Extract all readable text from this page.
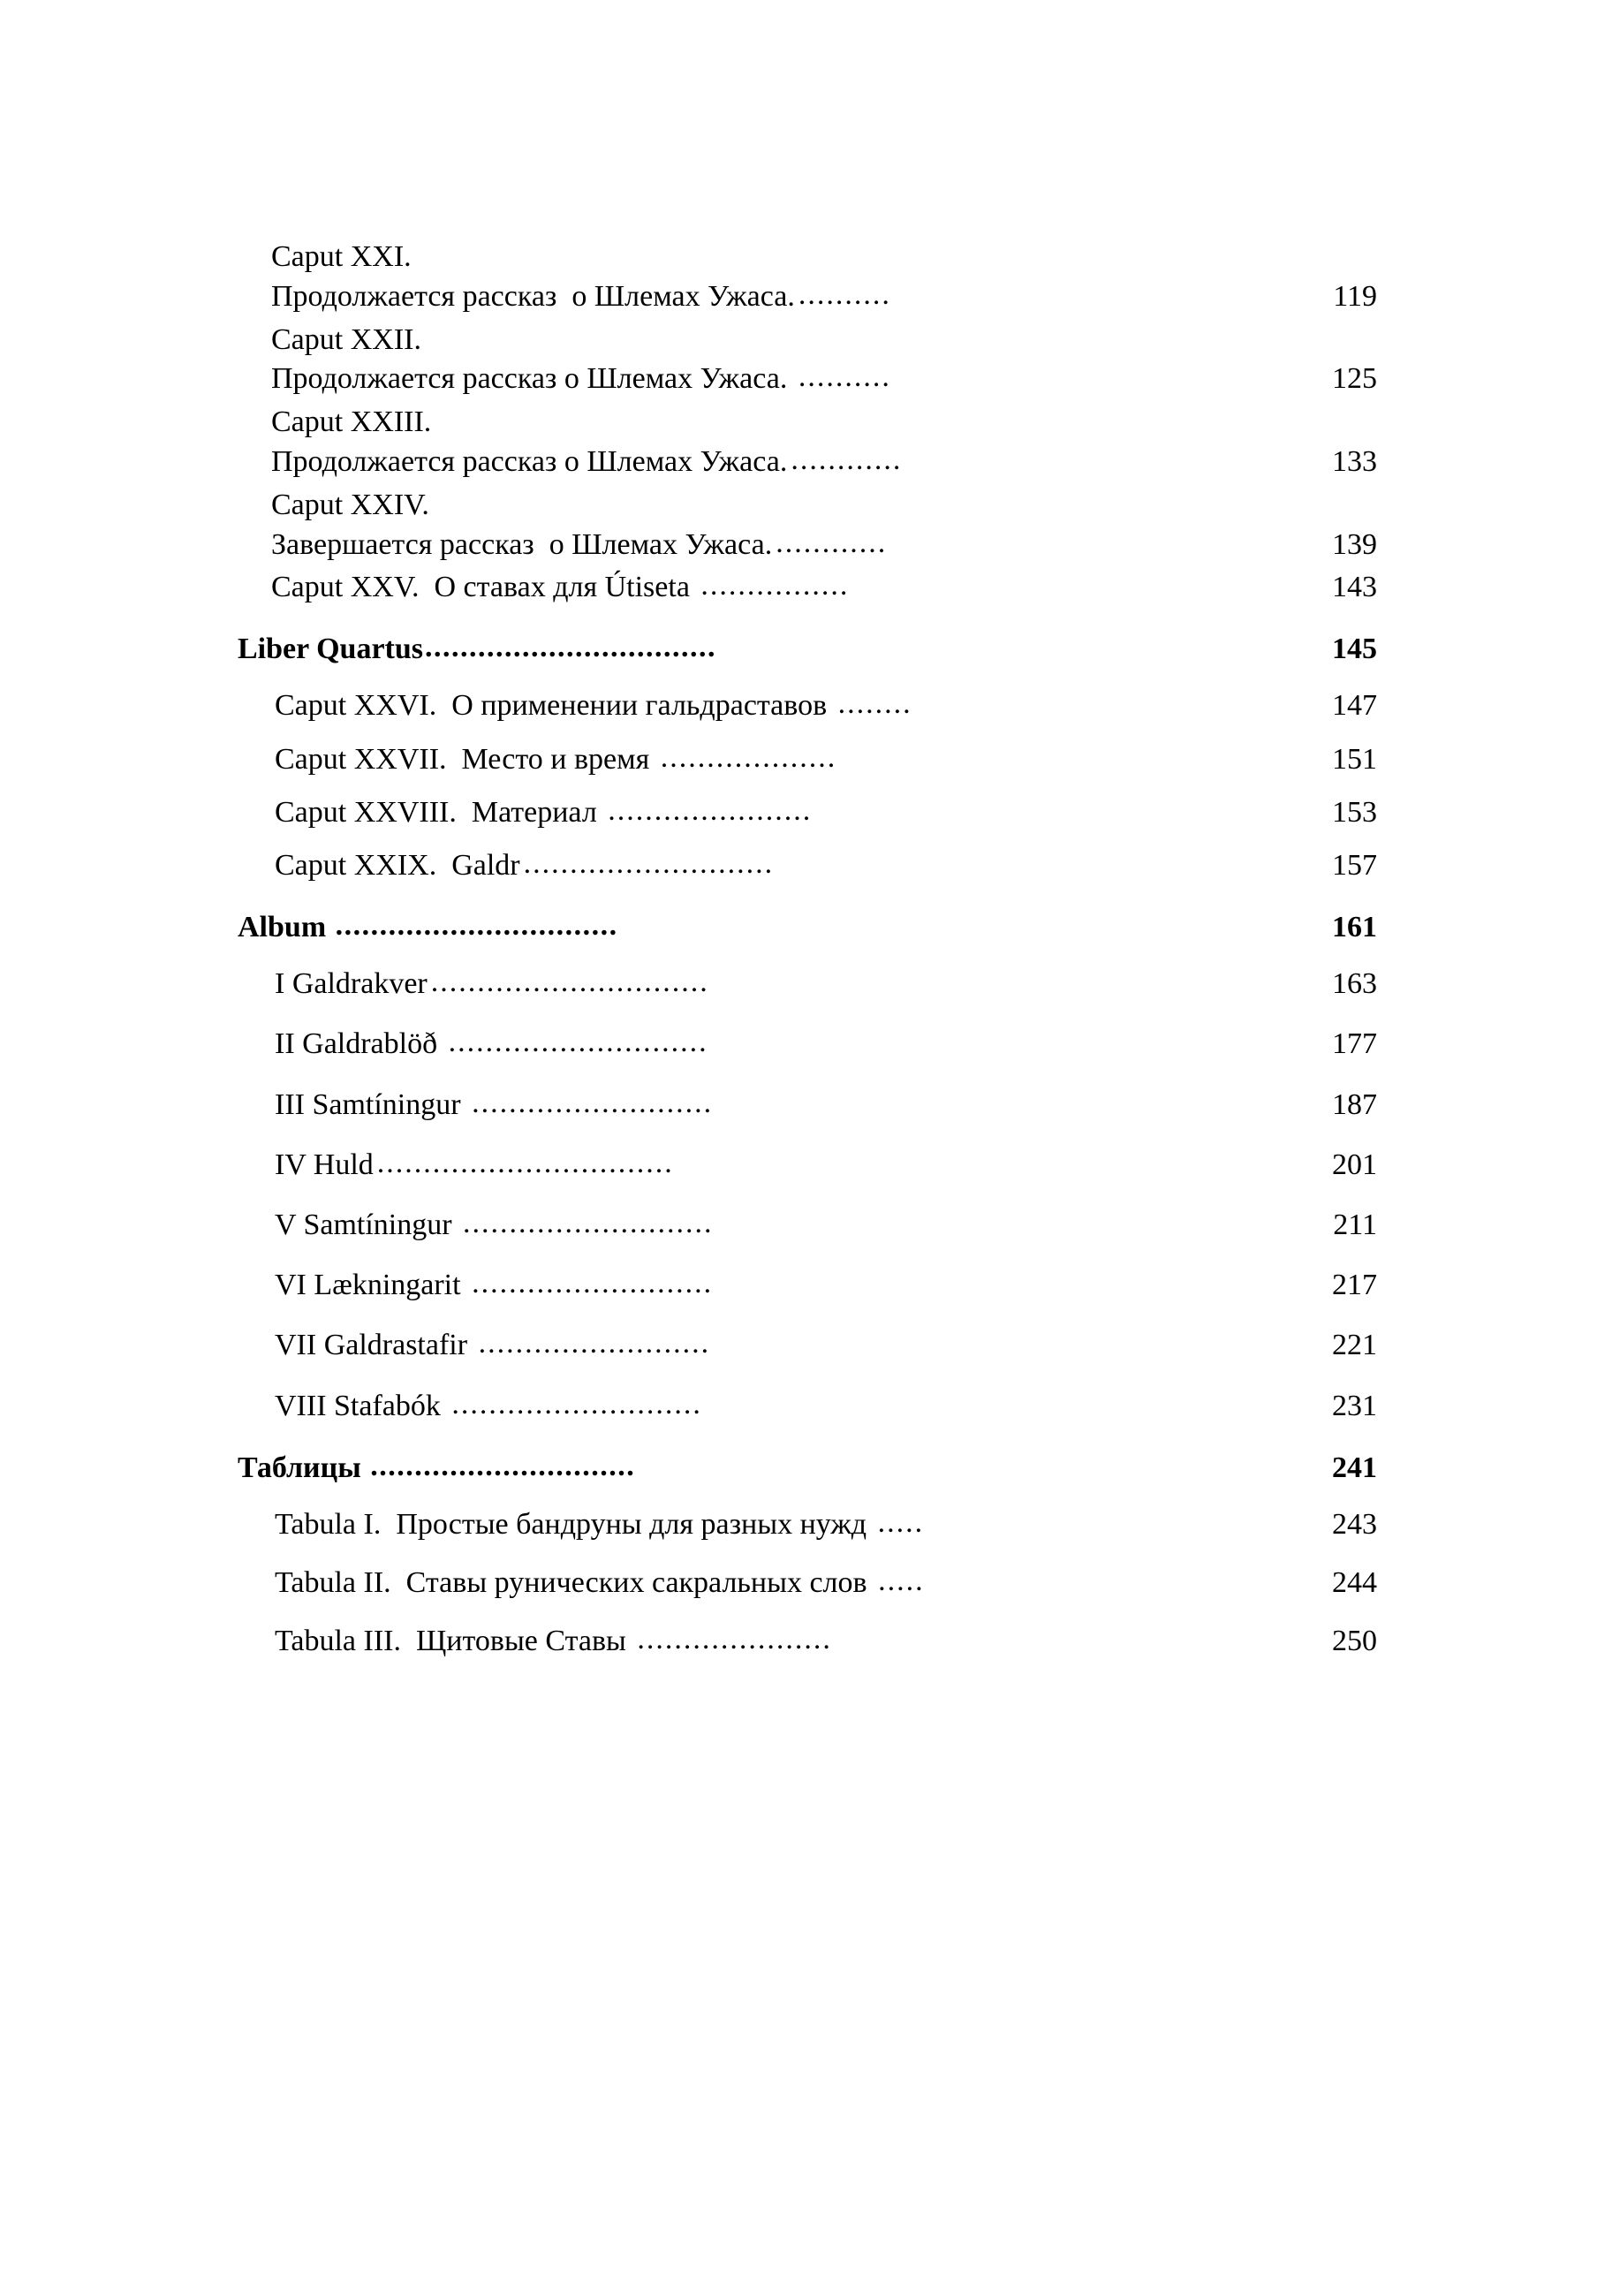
Caput XXI.
Продолжается рассказ  о Шлемах Ужаса. ..........	119
Caput XXII.
Продолжается рассказ о Шлемах Ужаса. ..........	125
Caput XXIII.
Продолжается рассказ о Шлемах Ужаса. ............	133
Caput XXIV.
Завершается рассказ  о Шлемах Ужаса. ............	139
Caput XXV.  О ставах для Útiseta ................	143
Liber Quartus .................................	145
Caput XXVI.  О применении гальдраставов ........	147
Caput XXVII.  Место и время ...................	151
Caput XXVIII.  Материал ......................	153
Caput XXIX.  Galdr ...........................	157
Album ................................	161
I Galdrakver ..............................	163
II Galdrablöð ............................	177
III Samtíningur ..........................	187
IV Huld ................................	201
V Samtíningur ...........................	211
VI Lækningarit ..........................	217
VII Galdrastafir .........................	221
VIII Stafabók ...........................	231
Таблицы ..............................	241
Tabula I.  Простые бандруны для разных нужд .....	243
Tabula II.  Ставы рунических сакральных слов .....	244
Tabula III.  Щитовые Ставы .....................	250
